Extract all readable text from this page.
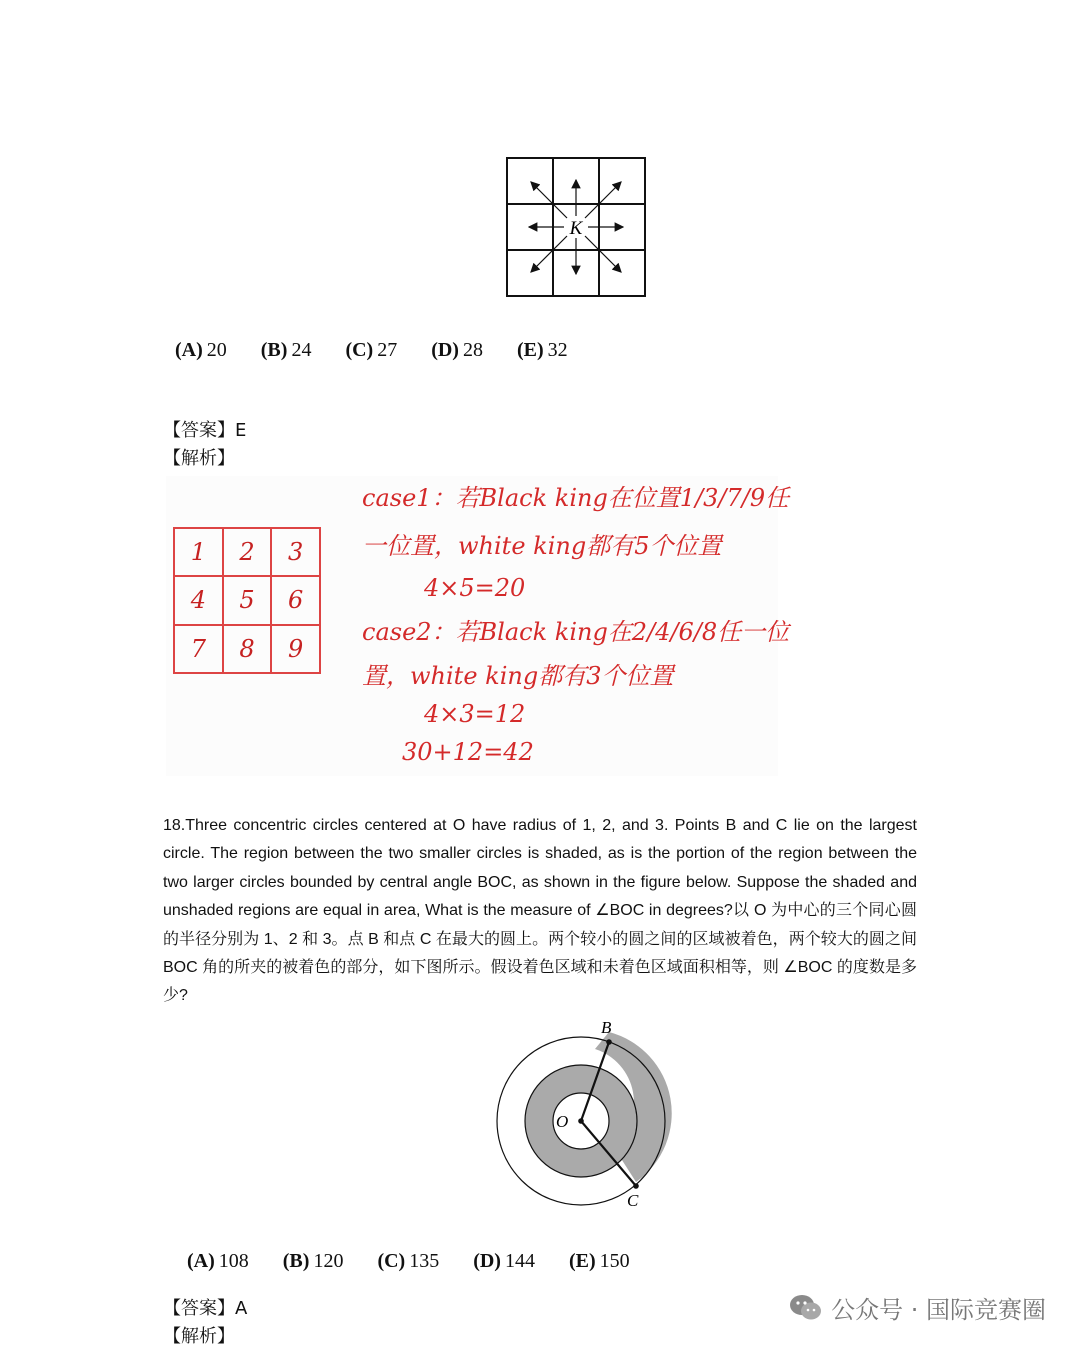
K
(A) 20 (B) 24 (C) 27 (D) 28 (E) 32
【答案】E
【解析】
1	2	3
4	5	6
7	8	9
case1：若Black king在位置1/3/7/9任
一位置，white king都有5个位置
4×5=20
case2：若Black king在2/4/6/8任一位
置，white king都有3个位置
4×3=12
30+12=42
18.Three concentric circles centered at O have radius of 1, 2, and 3. Points B and C lie on the largest circle. The region between the two smaller circles is shaded, as is the portion of the region between the two larger circles bounded by central angle BOC, as shown in the figure below. Suppose the shaded and unshaded regions are equal in area, What is the measure of ∠BOC in degrees?以 O 为中心的三个同心圆的半径分别为 1、2 和 3。点 B 和点 C 在最大的圆上。两个较小的圆之间的区域被着色，两个较大的圆之间 BOC 角的所夹的被着色的部分，如下图所示。假设着色区域和未着色区域面积相等，则 ∠BOC 的度数是多少?
B
C
O
(A) 108 (B) 120 (C) 135 (D) 144 (E) 150
【答案】A
【解析】
公众号 · 国际竞赛圈
